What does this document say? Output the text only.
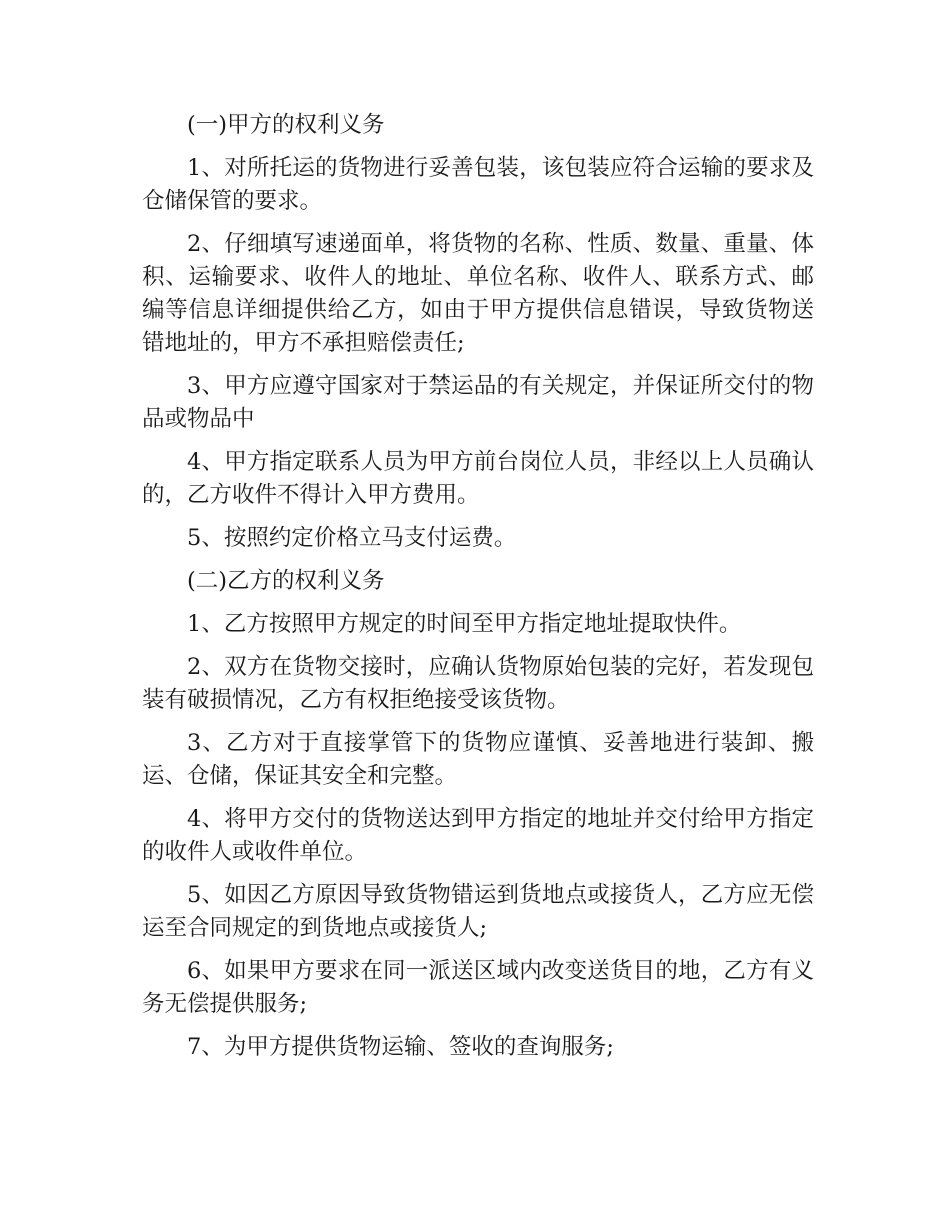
(一)甲方的权利义务

1、对所托运的货物进行妥善包装，该包装应符合运输的要求及仓储保管的要求。

2、仔细填写速递面单，将货物的名称、性质、数量、重量、体积、运输要求、收件人的地址、单位名称、收件人、联系方式、邮编等信息详细提供给乙方，如由于甲方提供信息错误，导致货物送错地址的，甲方不承担赔偿责任;

3、甲方应遵守国家对于禁运品的有关规定，并保证所交付的物品或物品中

4、甲方指定联系人员为甲方前台岗位人员，非经以上人员确认的，乙方收件不得计入甲方费用。

5、按照约定价格立马支付运费。

(二)乙方的权利义务

1、乙方按照甲方规定的时间至甲方指定地址提取快件。

2、双方在货物交接时，应确认货物原始包装的完好，若发现包装有破损情况，乙方有权拒绝接受该货物。

3、乙方对于直接掌管下的货物应谨慎、妥善地进行装卸、搬运、仓储，保证其安全和完整。

4、将甲方交付的货物送达到甲方指定的地址并交付给甲方指定的收件人或收件单位。

5、如因乙方原因导致货物错运到货地点或接货人，乙方应无偿运至合同规定的到货地点或接货人;

6、如果甲方要求在同一派送区域内改变送货目的地，乙方有义务无偿提供服务;

7、为甲方提供货物运输、签收的查询服务;
